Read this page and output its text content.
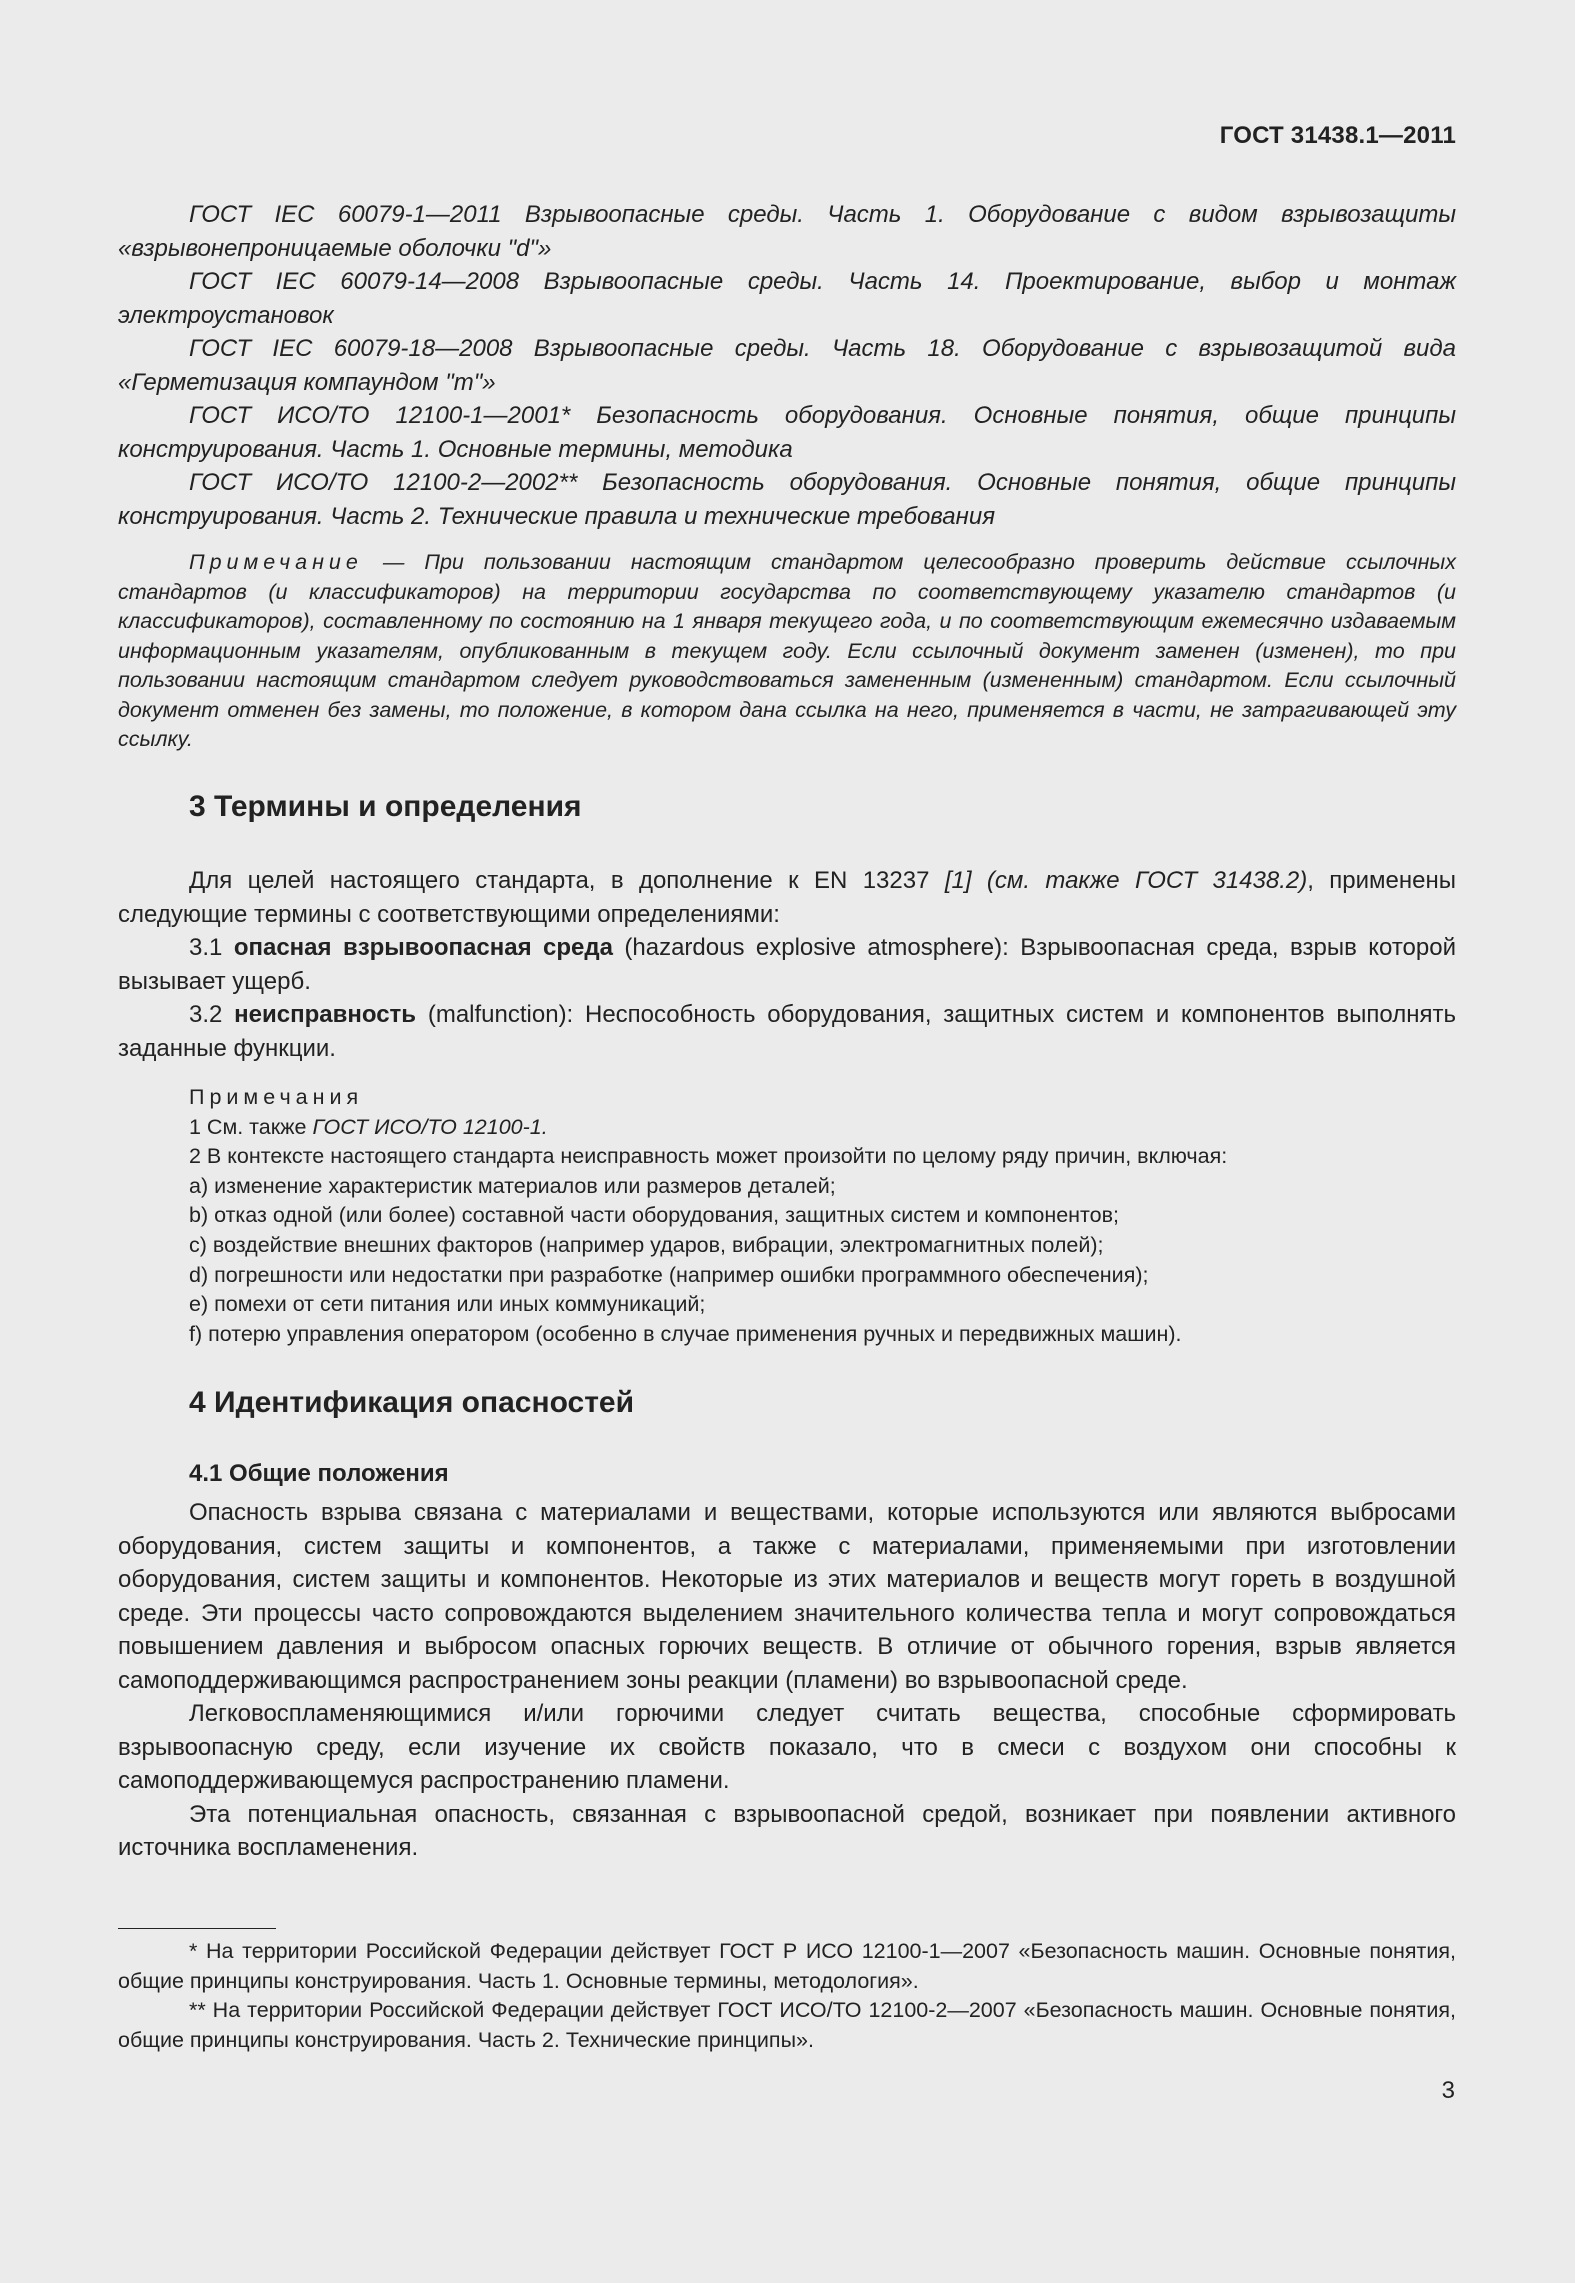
ГОСТ 31438.1—2011

ГОСТ IEC 60079-1—2011 Взрывоопасные среды. Часть 1. Оборудование с видом взрывозащиты «взрывонепроницаемые оболочки "d"»

ГОСТ IEC 60079-14—2008 Взрывоопасные среды. Часть 14. Проектирование, выбор и монтаж электроустановок

ГОСТ IEC 60079-18—2008 Взрывоопасные среды. Часть 18. Оборудование с взрывозащитой вида «Герметизация компаундом "m"»

ГОСТ ИСО/ТО 12100-1—2001* Безопасность оборудования. Основные понятия, общие принципы конструирования. Часть 1. Основные термины, методика

ГОСТ ИСО/ТО 12100-2—2002** Безопасность оборудования. Основные понятия, общие принципы конструирования. Часть 2. Технические правила и технические требования

Примечание — При пользовании настоящим стандартом целесообразно проверить действие ссылочных стандартов (и классификаторов) на территории государства по соответствующему указателю стандартов (и классификаторов), составленному по состоянию на 1 января текущего года, и по соответствующим ежемесячно издаваемым информационным указателям, опубликованным в текущем году. Если ссылочный документ заменен (изменен), то при пользовании настоящим стандартом следует руководствоваться замененным (измененным) стандартом. Если ссылочный документ отменен без замены, то положение, в котором дана ссылка на него, применяется в части, не затрагивающей эту ссылку.

3 Термины и определения

Для целей настоящего стандарта, в дополнение к EN 13237 [1] (см. также ГОСТ 31438.2), применены следующие термины с соответствующими определениями:

3.1 опасная взрывоопасная среда (hazardous explosive atmosphere): Взрывоопасная среда, взрыв которой вызывает ущерб.

3.2 неисправность (malfunction): Неспособность оборудования, защитных систем и компонентов выполнять заданные функции.

Примечания
1 См. также ГОСТ ИСО/ТО 12100-1.
2 В контексте настоящего стандарта неисправность может произойти по целому ряду причин, включая:
a) изменение характеристик материалов или размеров деталей;
b) отказ одной (или более) составной части оборудования, защитных систем и компонентов;
c) воздействие внешних факторов (например ударов, вибрации, электромагнитных полей);
d) погрешности или недостатки при разработке (например ошибки программного обеспечения);
e) помехи от сети питания или иных коммуникаций;
f) потерю управления оператором (особенно в случае применения ручных и передвижных машин).
4 Идентификация опасностей
4.1 Общие положения

Опасность взрыва связана с материалами и веществами, которые используются или являются выбросами оборудования, систем защиты и компонентов, а также с материалами, применяемыми при изготовлении оборудования, систем защиты и компонентов. Некоторые из этих материалов и веществ могут гореть в воздушной среде. Эти процессы часто сопровождаются выделением значительного количества тепла и могут сопровождаться повышением давления и выбросом опасных горючих веществ. В отличие от обычного горения, взрыв является самоподдерживающимся распространением зоны реакции (пламени) во взрывоопасной среде.

Легковоспламеняющимися и/или горючими следует считать вещества, способные сформировать взрывоопасную среду, если изучение их свойств показало, что в смеси с воздухом они способны к самоподдерживающемуся распространению пламени.

Эта потенциальная опасность, связанная с взрывоопасной средой, возникает при появлении активного источника воспламенения.

* На территории Российской Федерации действует ГОСТ Р ИСО 12100-1—2007 «Безопасность машин. Основные понятия, общие принципы конструирования. Часть 1. Основные термины, методология».

** На территории Российской Федерации действует ГОСТ ИСО/ТО 12100-2—2007 «Безопасность машин. Основные понятия, общие принципы конструирования. Часть 2. Технические принципы».

3
